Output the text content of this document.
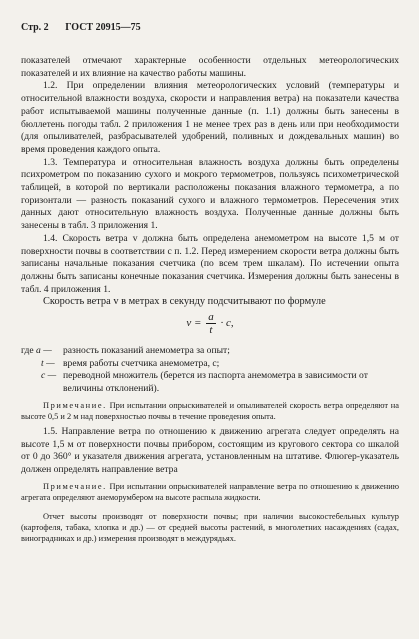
Стр. 2 ГОСТ 20915—75

показателей отмечают характерные особенности отдельных метеорологических показателей и их влияние на качество работы машины.

1.2. При определении влияния метеорологических условий (температуры и относительной влажности воздуха, скорости и направления ветра) на показатели качества работ испытываемой машины полученные данные (п. 1.1) должны быть занесены в бюллетень погоды табл. 2 приложения 1 не менее трех раз в день или при необходимости (для опыливателей, разбрасывателей удобрений, поливных и дождевальных машин) во время проведения каждого опыта.

1.3. Температура и относительная влажность воздуха должны быть определены психрометром по показанию сухого и мокрого термометров, пользуясь психометрической таблицей, в которой по вертикали расположены показания влажного термометра, а по горизонтали — разность показаний сухого и влажного термометров. Пересечения этих данных дают относительную влажность воздуха. Полученные данные должны быть занесены в табл. 3 приложения 1.

1.4. Скорость ветра v должна быть определена анемометром на высоте 1,5 м от поверхности почвы в соответствии с п. 1.2. Перед измерением скорости ветра должны быть записаны начальные показания счетчика (по всем трем шкалам). По истечении опыта должны быть записаны конечные показания счетчика. Измерения должны быть занесены в табл. 4 приложения 1.

Скорость ветра v в метрах в секунду подсчитывают по формуле

$v = \frac{a}{t} \cdot c$,
где a —	разность показаний анемометра за опыт;
t — время работы счетчика анемометра, с;
c — переводной множитель (берется из паспорта анемометра в зависимости от величины отклонений).
Примечание. При испытании опрыскивателей и опыливателей скорость ветра определяют на высоте 0,5 и 2 м над поверхностью почвы в течение проведения опыта.

1.5. Направление ветра по отношению к движению агрегата следует определять на высоте 1,5 м от поверхности почвы прибором, состоящим из кругового сектора со шкалой от 0 до 360° и указателя движения агрегата, установленным на штативе. Флюгер-указатель должен определять направление ветра

Примечание. При испытании опрыскивателей направление ветра по отношению к движению агрегата определяют анеморумбером на высоте распыла жидкости.

Отчет высоты производят от поверхности почвы; при наличии высокостебельных культур (картофеля, табака, хлопка и др.) — от средней высоты растений, в многолетних насаждениях (садах, виноградниках и др.) измерения производят в междурядьях.
